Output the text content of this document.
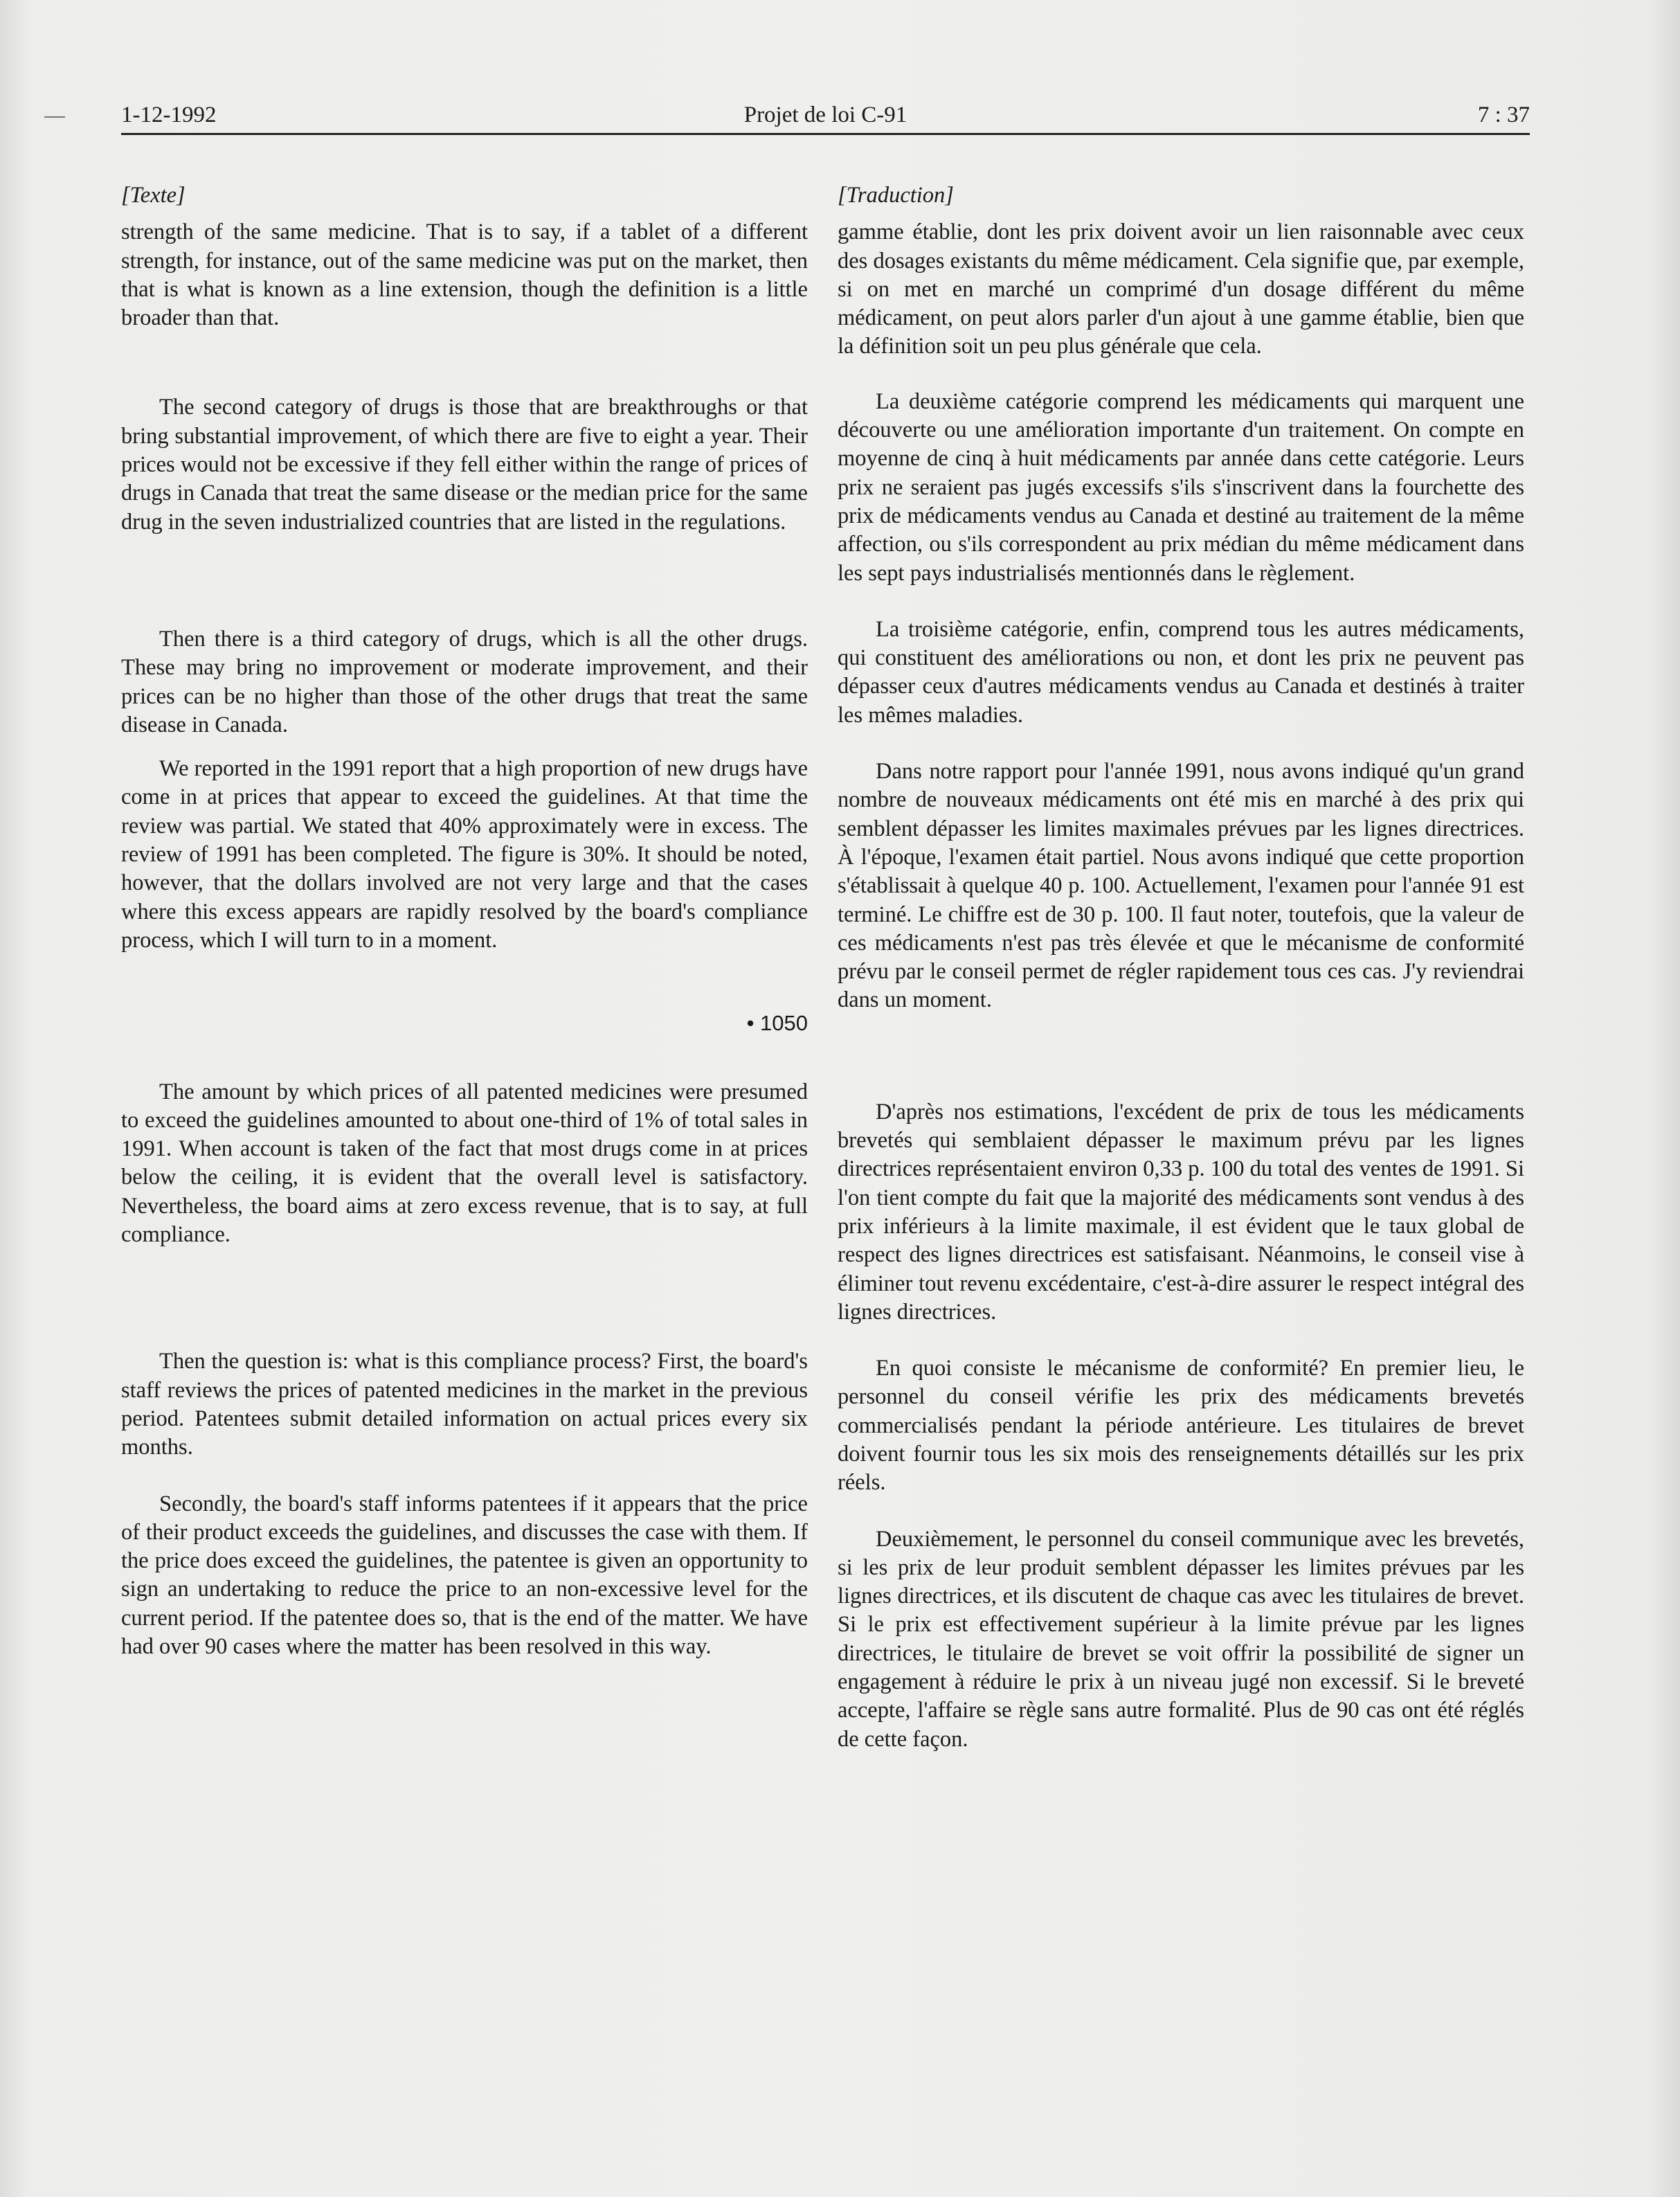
1-12-1992	Projet de loi C-91	7 : 37
[Texte]

strength of the same medicine. That is to say, if a tablet of a different strength, for instance, out of the same medicine was put on the market, then that is what is known as a line extension, though the definition is a little broader than that.

The second category of drugs is those that are breakthroughs or that bring substantial improvement, of which there are five to eight a year. Their prices would not be excessive if they fell either within the range of prices of drugs in Canada that treat the same disease or the median price for the same drug in the seven industrialized countries that are listed in the regulations.

Then there is a third category of drugs, which is all the other drugs. These may bring no improvement or moderate improvement, and their prices can be no higher than those of the other drugs that treat the same disease in Canada.

We reported in the 1991 report that a high proportion of new drugs have come in at prices that appear to exceed the guidelines. At that time the review was partial. We stated that 40% approximately were in excess. The review of 1991 has been completed. The figure is 30%. It should be noted, however, that the dollars involved are not very large and that the cases where this excess appears are rapidly resolved by the board's compliance process, which I will turn to in a moment.

• 1050

The amount by which prices of all patented medicines were presumed to exceed the guidelines amounted to about one-third of 1% of total sales in 1991. When account is taken of the fact that most drugs come in at prices below the ceiling, it is evident that the overall level is satisfactory. Nevertheless, the board aims at zero excess revenue, that is to say, at full compliance.

Then the question is: what is this compliance process? First, the board's staff reviews the prices of patented medicines in the market in the previous period. Patentees submit detailed information on actual prices every six months.

Secondly, the board's staff informs patentees if it appears that the price of their product exceeds the guidelines, and discusses the case with them. If the price does exceed the guidelines, the patentee is given an opportunity to sign an undertaking to reduce the price to an non-excessive level for the current period. If the patentee does so, that is the end of the matter. We have had over 90 cases where the matter has been resolved in this way.

[Traduction]

gamme établie, dont les prix doivent avoir un lien raisonnable avec ceux des dosages existants du même médicament. Cela signifie que, par exemple, si on met en marché un comprimé d'un dosage différent du même médicament, on peut alors parler d'un ajout à une gamme établie, bien que la définition soit un peu plus générale que cela.

La deuxième catégorie comprend les médicaments qui marquent une découverte ou une amélioration importante d'un traitement. On compte en moyenne de cinq à huit médicaments par année dans cette catégorie. Leurs prix ne seraient pas jugés excessifs s'ils s'inscrivent dans la fourchette des prix de médicaments vendus au Canada et destiné au traitement de la même affection, ou s'ils correspondent au prix médian du même médicament dans les sept pays industrialisés mentionnés dans le règlement.

La troisième catégorie, enfin, comprend tous les autres médicaments, qui constituent des améliorations ou non, et dont les prix ne peuvent pas dépasser ceux d'autres médicaments vendus au Canada et destinés à traiter les mêmes maladies.

Dans notre rapport pour l'année 1991, nous avons indiqué qu'un grand nombre de nouveaux médicaments ont été mis en marché à des prix qui semblent dépasser les limites maximales prévues par les lignes directrices. À l'époque, l'examen était partiel. Nous avons indiqué que cette proportion s'établissait à quelque 40 p. 100. Actuellement, l'examen pour l'année 91 est terminé. Le chiffre est de 30 p. 100. Il faut noter, toutefois, que la valeur de ces médicaments n'est pas très élevée et que le mécanisme de conformité prévu par le conseil permet de régler rapidement tous ces cas. J'y reviendrai dans un moment.

D'après nos estimations, l'excédent de prix de tous les médicaments brevetés qui semblaient dépasser le maximum prévu par les lignes directrices représentaient environ 0,33 p. 100 du total des ventes de 1991. Si l'on tient compte du fait que la majorité des médicaments sont vendus à des prix inférieurs à la limite maximale, il est évident que le taux global de respect des lignes directrices est satisfaisant. Néanmoins, le conseil vise à éliminer tout revenu excédentaire, c'est-à-dire assurer le respect intégral des lignes directrices.

En quoi consiste le mécanisme de conformité? En premier lieu, le personnel du conseil vérifie les prix des médicaments brevetés commercialisés pendant la période antérieure. Les titulaires de brevet doivent fournir tous les six mois des renseignements détaillés sur les prix réels.

Deuxièmement, le personnel du conseil communique avec les brevetés, si les prix de leur produit semblent dépasser les limites prévues par les lignes directrices, et ils discutent de chaque cas avec les titulaires de brevet. Si le prix est effectivement supérieur à la limite prévue par les lignes directrices, le titulaire de brevet se voit offrir la possibilité de signer un engagement à réduire le prix à un niveau jugé non excessif. Si le breveté accepte, l'affaire se règle sans autre formalité. Plus de 90 cas ont été réglés de cette façon.
